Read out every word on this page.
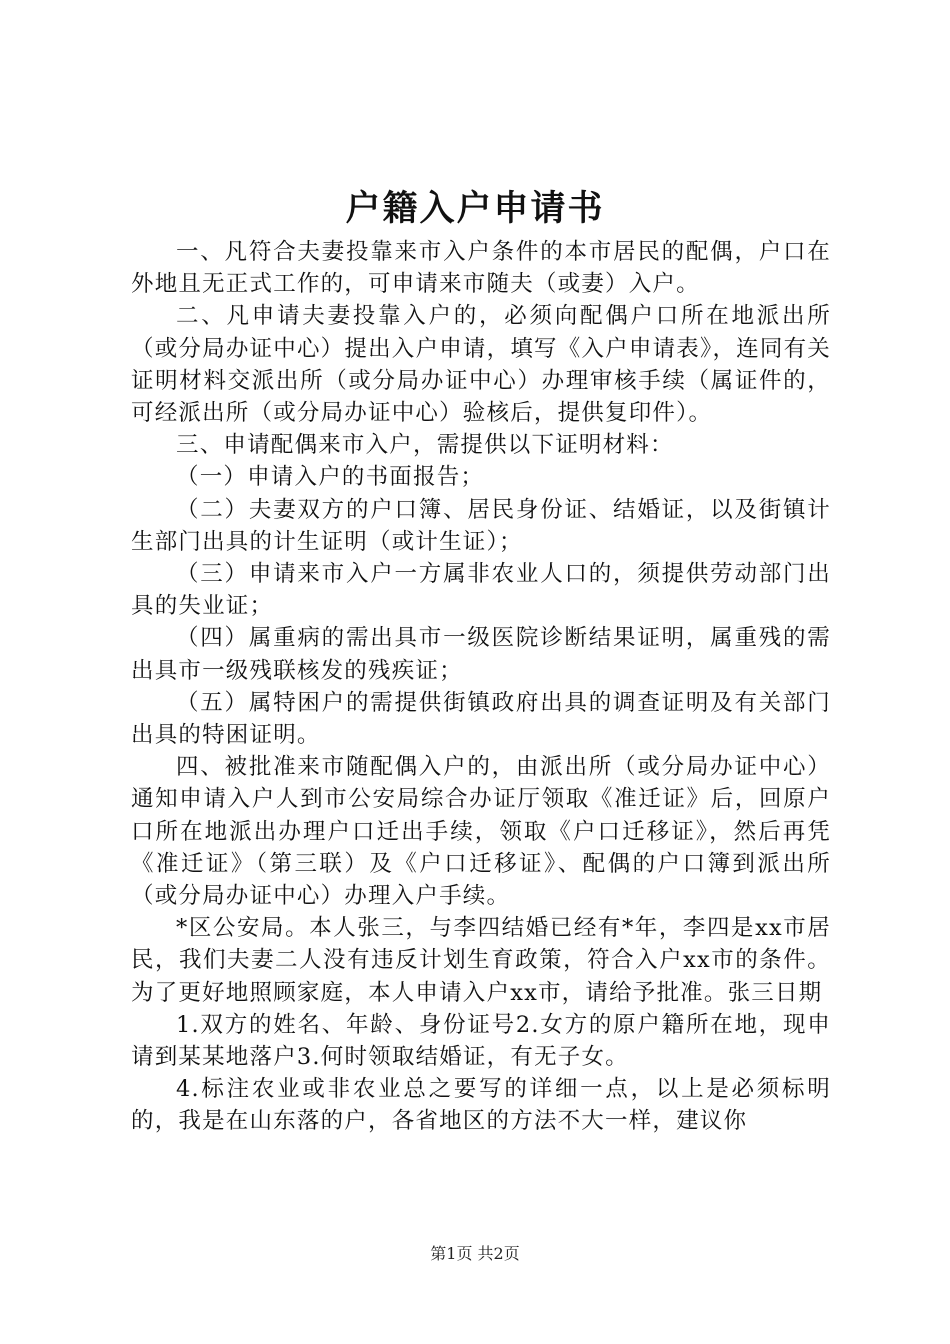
户籍入户申请书

一、凡符合夫妻投靠来市入户条件的本市居民的配偶，户口在外地且无正式工作的，可申请来市随夫（或妻）入户。

二、凡申请夫妻投靠入户的，必须向配偶户口所在地派出所（或分局办证中心）提出入户申请，填写《入户申请表》，连同有关证明材料交派出所（或分局办证中心）办理审核手续（属证件的，可经派出所（或分局办证中心）验核后，提供复印件）。

三、申请配偶来市入户，需提供以下证明材料：

（一）申请入户的书面报告；

（二）夫妻双方的户口簿、居民身份证、结婚证，以及街镇计生部门出具的计生证明（或计生证）；

（三）申请来市入户一方属非农业人口的，须提供劳动部门出具的失业证；

（四）属重病的需出具市一级医院诊断结果证明，属重残的需出具市一级残联核发的残疾证；

（五）属特困户的需提供街镇政府出具的调查证明及有关部门出具的特困证明。

四、被批准来市随配偶入户的，由派出所（或分局办证中心）通知申请入户人到市公安局综合办证厅领取《准迁证》后，回原户口所在地派出办理户口迁出手续，领取《户口迁移证》，然后再凭《准迁证》（第三联）及《户口迁移证》、配偶的户口簿到派出所（或分局办证中心）办理入户手续。

*区公安局。本人张三，与李四结婚已经有*年，李四是xx市居民，我们夫妻二人没有违反计划生育政策，符合入户xx市的条件。为了更好地照顾家庭，本人申请入户xx市，请给予批准。张三日期

1.双方的姓名、年龄、身份证号2.女方的原户籍所在地，现申请到某某地落户3.何时领取结婚证，有无子女。

4.标注农业或非农业总之要写的详细一点，以上是必须标明的，我是在山东落的户，各省地区的方法不大一样，建议你

第1页 共2页
